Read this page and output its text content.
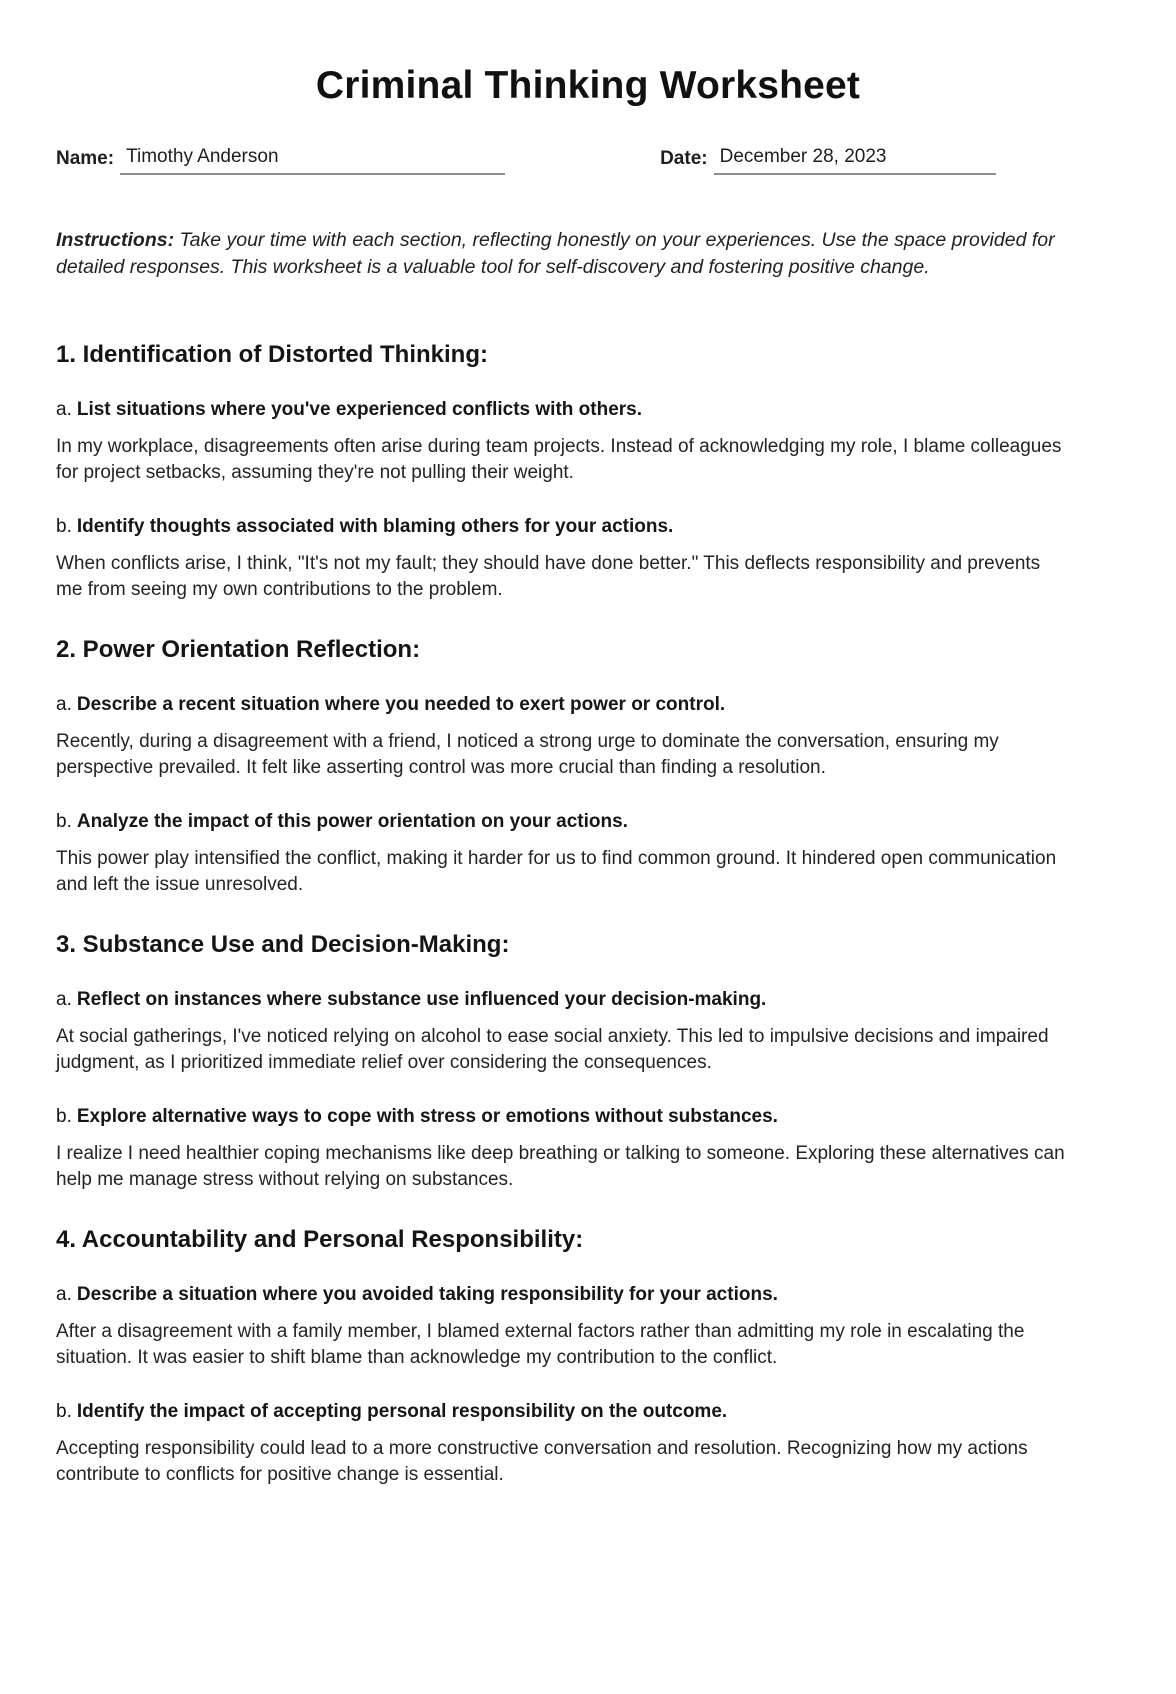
Criminal Thinking Worksheet
Name: Timothy Anderson	Date: December 28, 2023

Instructions: Take your time with each section, reflecting honestly on your experiences. Use the space provided for detailed responses. This worksheet is a valuable tool for self-discovery and fostering positive change.

1. Identification of Distorted Thinking:

a. List situations where you've experienced conflicts with others.

In my workplace, disagreements often arise during team projects. Instead of acknowledging my role, I blame colleagues for project setbacks, assuming they're not pulling their weight.

b. Identify thoughts associated with blaming others for your actions.

When conflicts arise, I think, "It's not my fault; they should have done better." This deflects responsibility and prevents me from seeing my own contributions to the problem.

2. Power Orientation Reflection:

a. Describe a recent situation where you needed to exert power or control.

Recently, during a disagreement with a friend, I noticed a strong urge to dominate the conversation, ensuring my perspective prevailed. It felt like asserting control was more crucial than finding a resolution.

b. Analyze the impact of this power orientation on your actions.

This power play intensified the conflict, making it harder for us to find common ground. It hindered open communication and left the issue unresolved.

3. Substance Use and Decision-Making:

a. Reflect on instances where substance use influenced your decision-making.

At social gatherings, I've noticed relying on alcohol to ease social anxiety. This led to impulsive decisions and impaired judgment, as I prioritized immediate relief over considering the consequences.

b. Explore alternative ways to cope with stress or emotions without substances.

I realize I need healthier coping mechanisms like deep breathing or talking to someone. Exploring these alternatives can help me manage stress without relying on substances.

4. Accountability and Personal Responsibility:

a. Describe a situation where you avoided taking responsibility for your actions.

After a disagreement with a family member, I blamed external factors rather than admitting my role in escalating the situation. It was easier to shift blame than acknowledge my contribution to the conflict.

b. Identify the impact of accepting personal responsibility on the outcome.

Accepting responsibility could lead to a more constructive conversation and resolution. Recognizing how my actions contribute to conflicts for positive change is essential.
